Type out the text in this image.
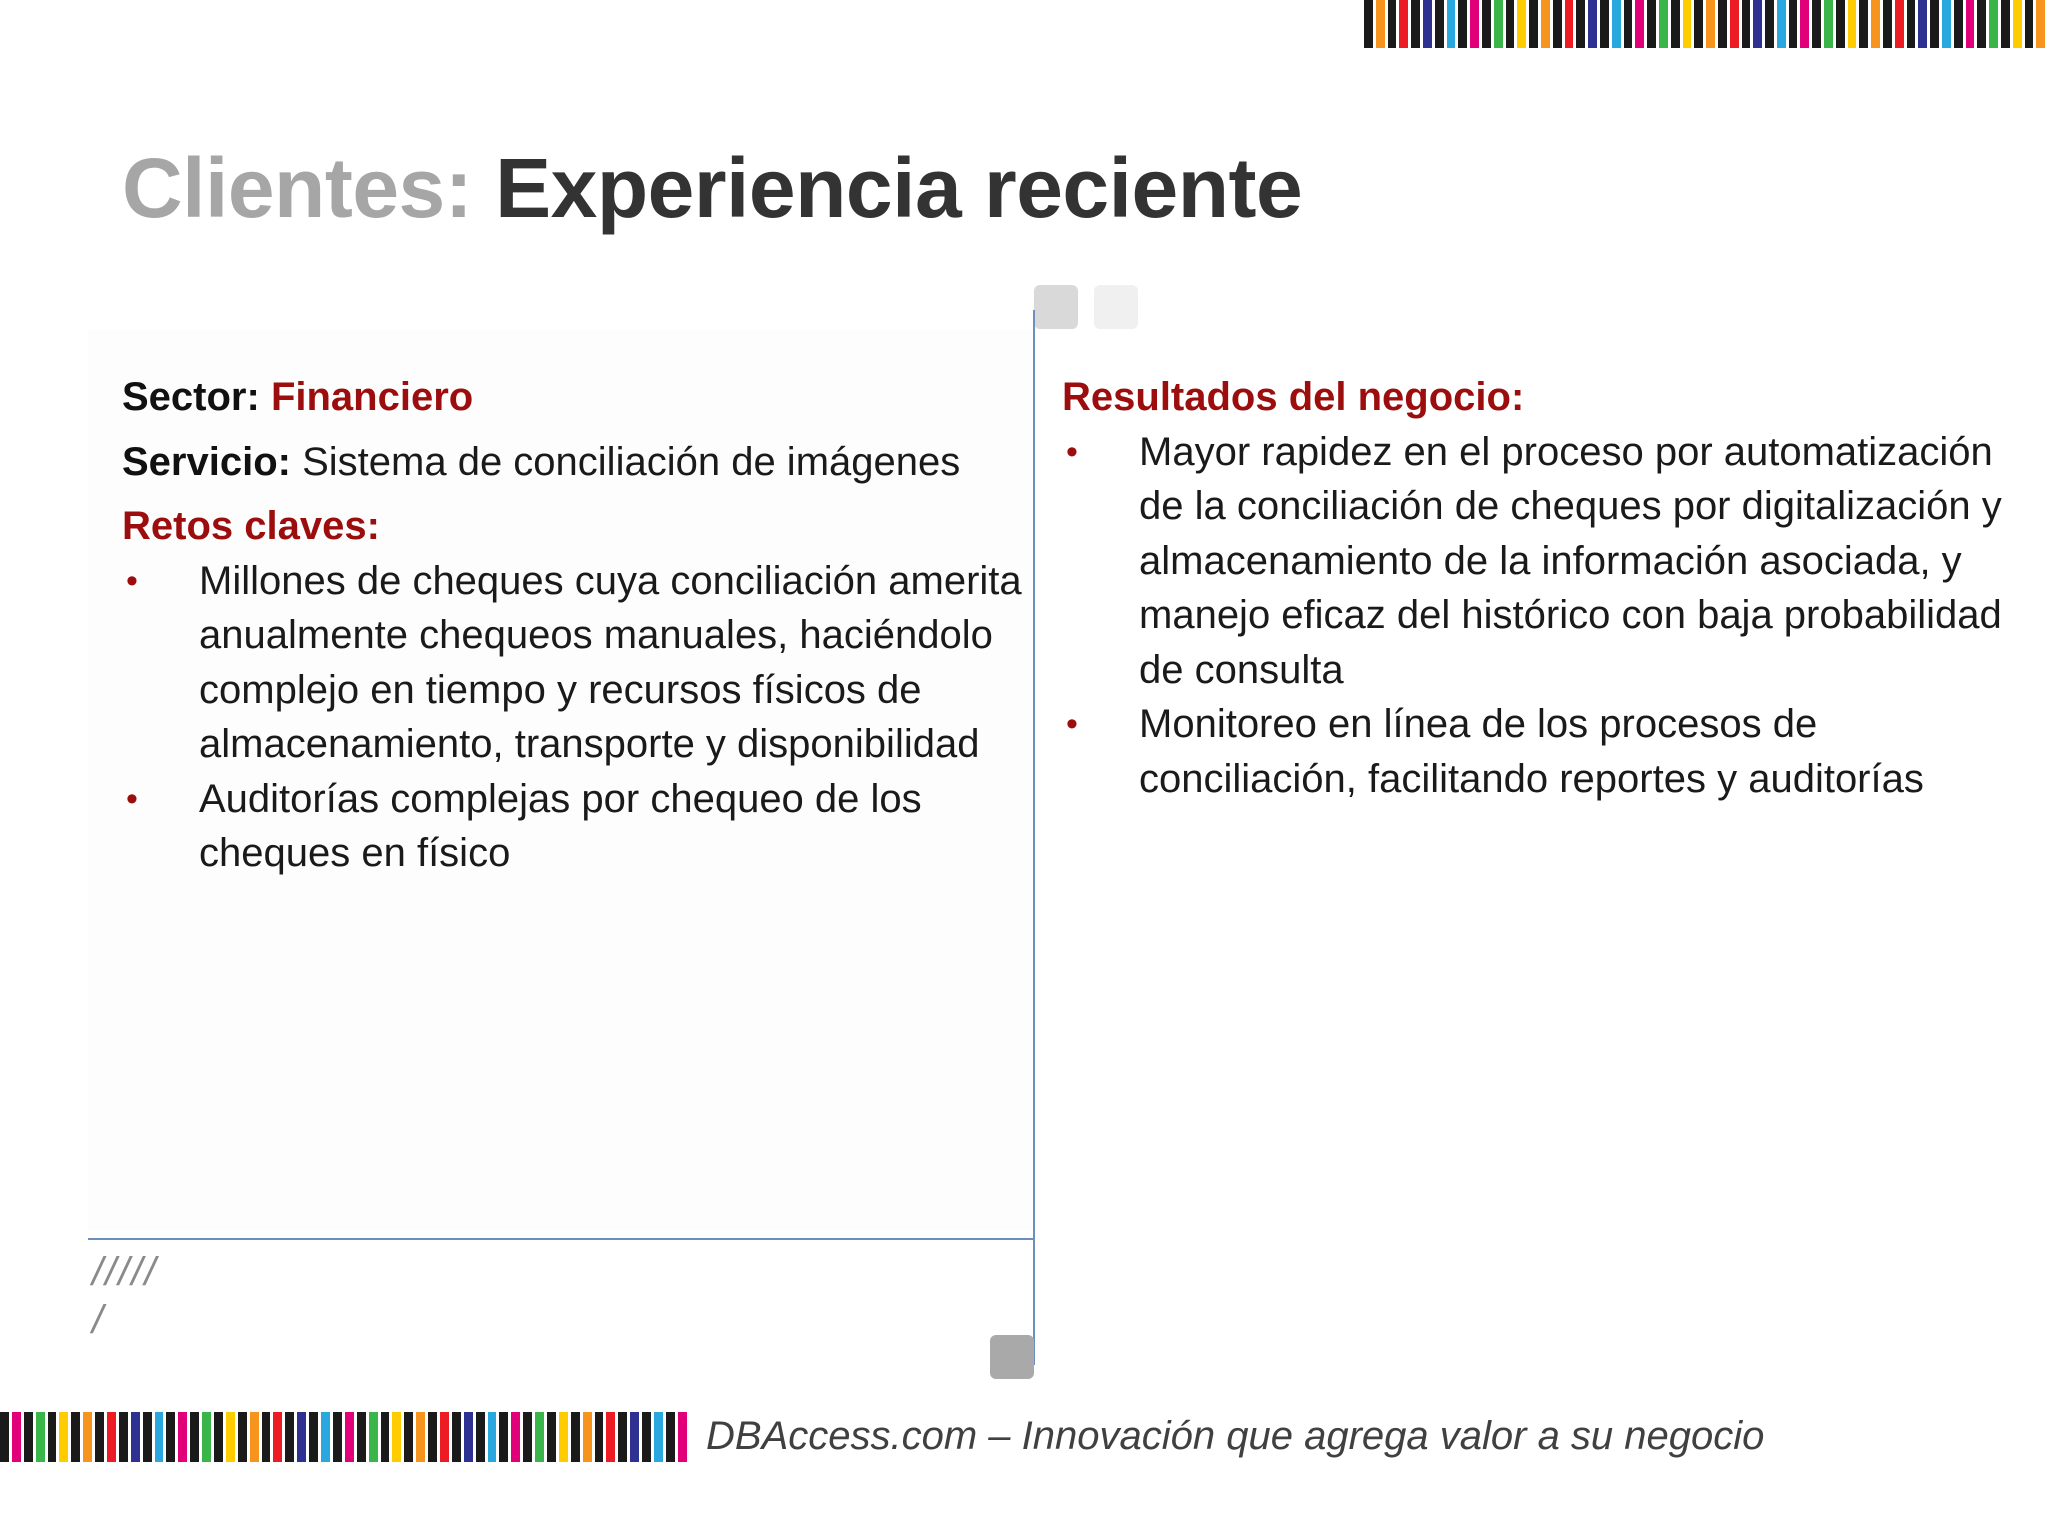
Clientes: Experiencia reciente
Sector: Financiero
Servicio: Sistema de conciliación de imágenes
Retos claves:
• Millones de cheques cuya conciliación amerita anualmente chequeos manuales, haciéndolo complejo en tiempo y recursos físicos de almacenamiento, transporte y disponibilidad
• Auditorías complejas por chequeo de los cheques en físico
Resultados del negocio:
• Mayor rapidez en el proceso por automatización de la conciliación de cheques por digitalización y almacenamiento de la información asociada, y manejo eficaz del histórico con baja probabilidad de consulta
• Monitoreo en línea de los procesos de conciliación, facilitando reportes y auditorías
/////
/
DBAccess.com – Innovación que agrega valor a su negocio
